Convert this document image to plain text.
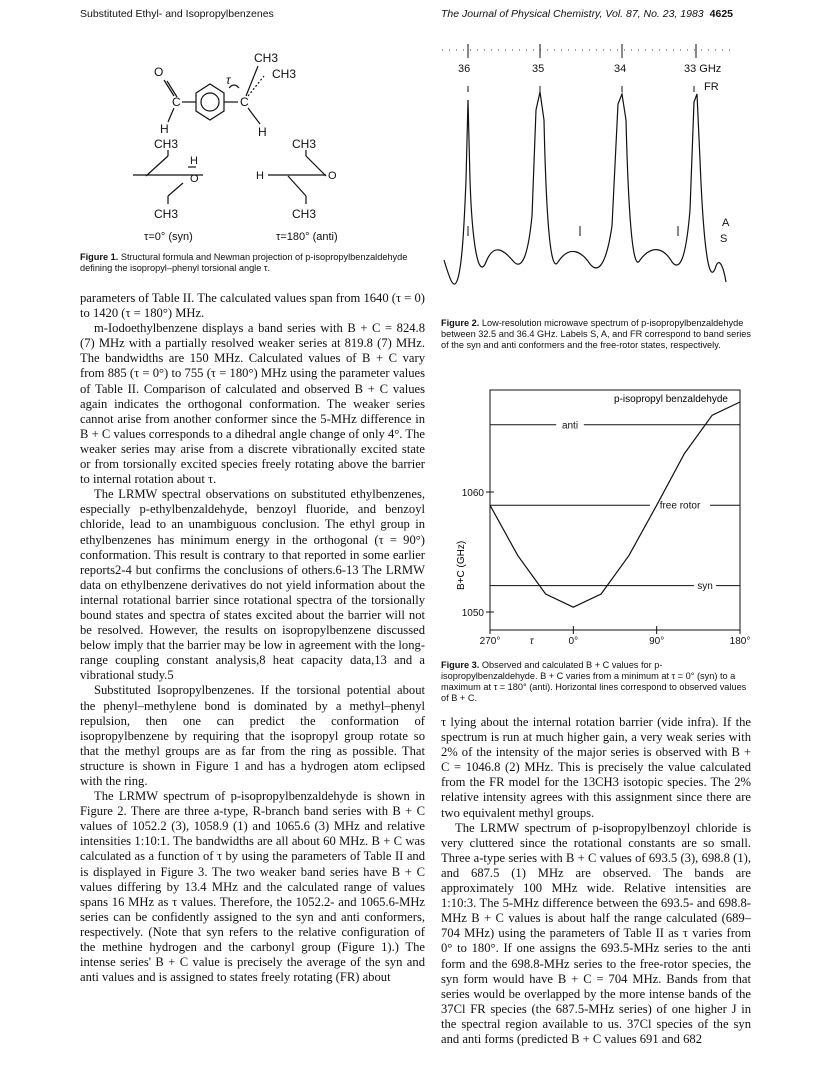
Substituted Ethyl- and Isopropylbenzenes	The Journal of Physical Chemistry, Vol. 87, No. 23, 1983 4625
O
C
H
C
H
τ
CH3
CH3
CH3
H
O
CH3
CH3
H	O
CH3
τ=0° (syn)	τ=180° (anti)
Figure 1. Structural formula and Newman projection of p-isopropylbenzaldehyde defining the isopropyl–phenyl torsional angle τ.
36	35	34	33 GHz
FR
A
S
Figure 2. Low-resolution microwave spectrum of p-isopropylbenzaldehyde between 32.5 and 36.4 GHz. Labels S, A, and FR correspond to band series of the syn and anti conformers and the free-rotor states, respectively.
p-isopropyl benzaldehyde
B+C (GHz)
anti
free rotor
syn
1060
1050
270°	0°	90°	180°
τ
Figure 3. Observed and calculated B + C values for p-isopropylbenzaldehyde. B + C varies from a minimum at τ = 0° (syn) to a maximum at τ = 180° (anti). Horizontal lines correspond to observed values of B + C.

parameters of Table II. The calculated values span from 1640 (τ = 0) to 1420 (τ = 180°) MHz.

m-Iodoethylbenzene displays a band series with B + C = 824.8 (7) MHz with a partially resolved weaker series at 819.8 (7) MHz. The bandwidths are 150 MHz. Calculated values of B + C vary from 885 (τ = 0°) to 755 (τ = 180°) MHz using the parameter values of Table II. Comparison of calculated and observed B + C values again indicates the orthogonal conformation. The weaker series cannot arise from another conformer since the 5-MHz difference in B + C values corresponds to a dihedral angle change of only 4°. The weaker series may arise from a discrete vibrationally excited state or from torsionally excited species freely rotating above the barrier to internal rotation about τ.

The LRMW spectral observations on substituted ethylbenzenes, especially p-ethylbenzaldehyde, benzoyl fluoride, and benzoyl chloride, lead to an unambiguous conclusion. The ethyl group in ethylbenzenes has minimum energy in the orthogonal (τ = 90°) conformation. This result is contrary to that reported in some earlier reports2-4 but confirms the conclusions of others.6-13 The LRMW data on ethylbenzene derivatives do not yield information about the internal rotational barrier since rotational spectra of the torsionally bound states and spectra of states excited about the barrier will not be resolved. However, the results on isopropylbenzene discussed below imply that the barrier may be low in agreement with the long-range coupling constant analysis,8 heat capacity data,13 and a vibrational study.5

Substituted Isopropylbenzenes. If the torsional potential about the phenyl–methylene bond is dominated by a methyl–phenyl repulsion, then one can predict the conformation of isopropylbenzene by requiring that the isopropyl group rotate so that the methyl groups are as far from the ring as possible. That structure is shown in Figure 1 and has a hydrogen atom eclipsed with the ring.

The LRMW spectrum of p-isopropylbenzaldehyde is shown in Figure 2. There are three a-type, R-branch band series with B + C values of 1052.2 (3), 1058.9 (1) and 1065.6 (3) MHz and relative intensities 1:10:1. The bandwidths are all about 60 MHz. B + C was calculated as a function of τ by using the parameters of Table II and is displayed in Figure 3. The two weaker band series have B + C values differing by 13.4 MHz and the calculated range of values spans 16 MHz as τ values. Therefore, the 1052.2- and 1065.6-MHz series can be confidently assigned to the syn and anti conformers, respectively. (Note that syn refers to the relative configuration of the methine hydrogen and the carbonyl group (Figure 1).) The intense series' B + C value is precisely the average of the syn and anti values and is assigned to states freely rotating (FR) about

τ lying about the internal rotation barrier (vide infra). If the spectrum is run at much higher gain, a very weak series with 2% of the intensity of the major series is observed with B + C = 1046.8 (2) MHz. This is precisely the value calculated from the FR model for the 13CH3 isotopic species. The 2% relative intensity agrees with this assignment since there are two equivalent methyl groups.

The LRMW spectrum of p-isopropylbenzoyl chloride is very cluttered since the rotational constants are so small. Three a-type series with B + C values of 693.5 (3), 698.8 (1), and 687.5 (1) MHz are observed. The bands are approximately 100 MHz wide. Relative intensities are 1:10:3. The 5-MHz difference between the 693.5- and 698.8-MHz B + C values is about half the range calculated (689–704 MHz) using the parameters of Table II as τ varies from 0° to 180°. If one assigns the 693.5-MHz series to the anti form and the 698.8-MHz series to the free-rotor species, the syn form would have B + C = 704 MHz. Bands from that series would be overlapped by the more intense bands of the 37Cl FR species (the 687.5-MHz series) of one higher J in the spectral region available to us. 37Cl species of the syn and anti forms (predicted B + C values 691 and 682
